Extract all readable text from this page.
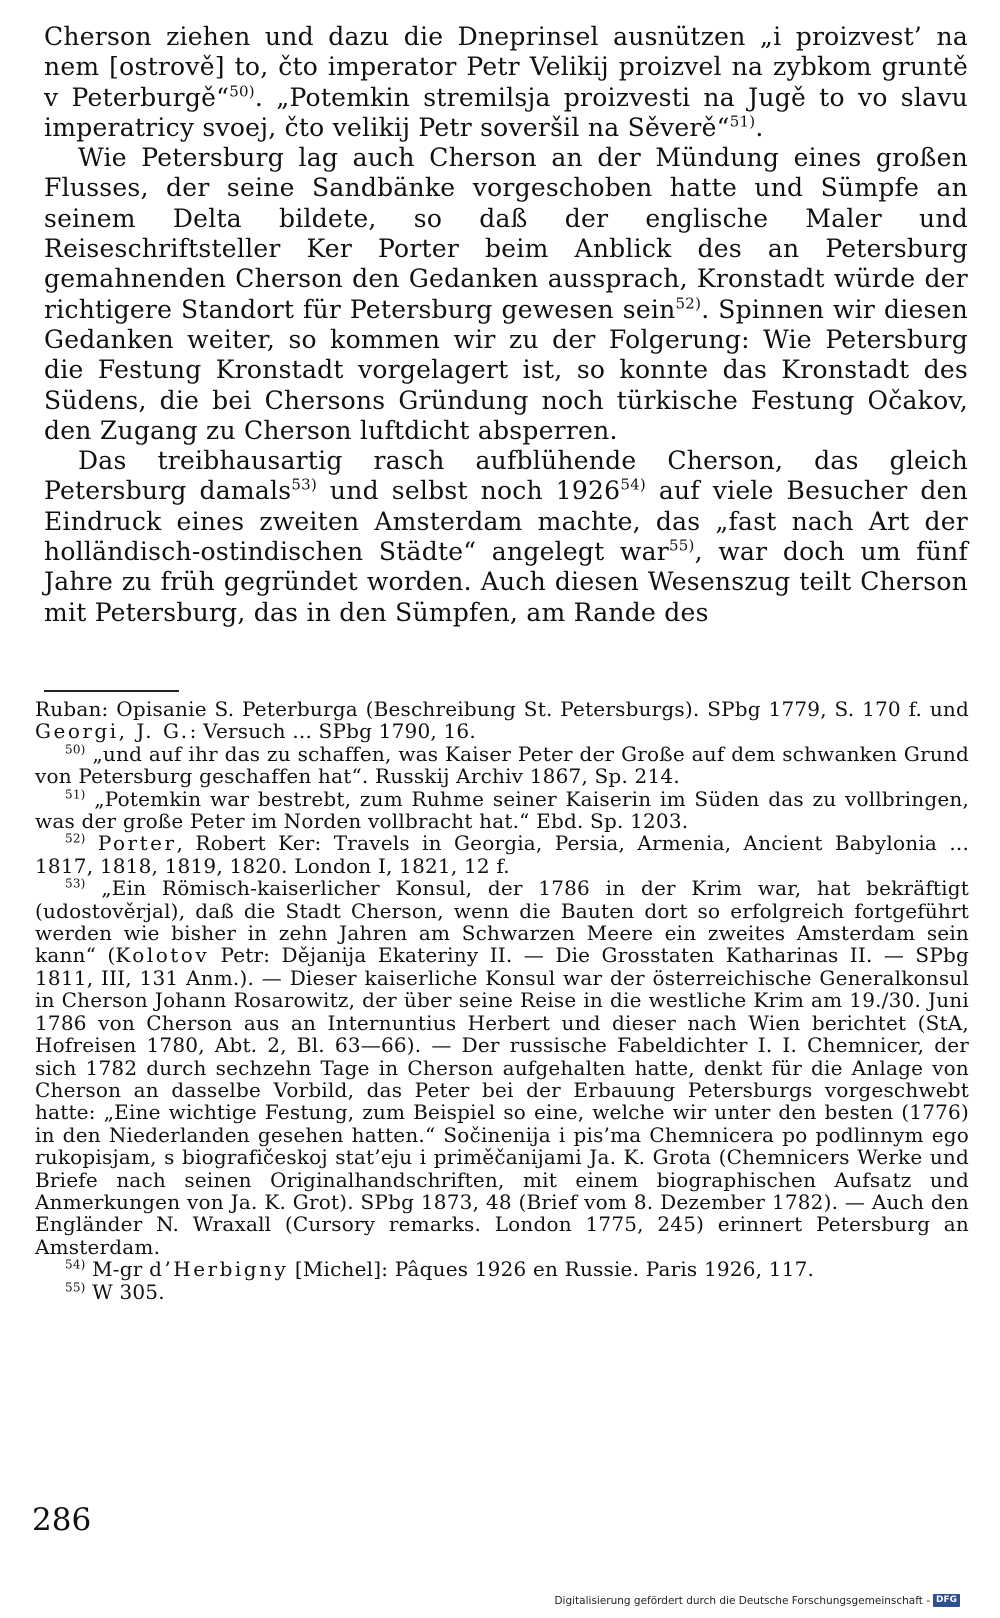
Cherson ziehen und dazu die Dneprinsel ausnützen „i proizvest’ na nem [ostrově] to, čto imperator Petr Velikij proizvel na zybkom gruntě v Peterburgě“$^{50)}$. „Potemkin stremilsja proizvesti na Jugě to vo slavu imperatricy svoej, čto velikij Petr soveršil na Sěverě“$^{51)}$.

Wie Petersburg lag auch Cherson an der Mündung eines großen Flusses, der seine Sandbänke vorgeschoben hatte und Sümpfe an seinem Delta bildete, so daß der englische Maler und Reiseschriftsteller Ker Porter beim Anblick des an Petersburg gemahnenden Cherson den Gedanken aussprach, Kronstadt würde der richtigere Standort für Petersburg gewesen sein$^{52)}$. Spinnen wir diesen Gedanken weiter, so kommen wir zu der Folgerung: Wie Petersburg die Festung Kronstadt vorgelagert ist, so konnte das Kronstadt des Südens, die bei Chersons Gründung noch türkische Festung Očakov, den Zugang zu Cherson luftdicht absperren.

Das treibhausartig rasch aufblühende Cherson, das gleich Petersburg damals$^{53)}$ und selbst noch 1926$^{54)}$ auf viele Besucher den Eindruck eines zweiten Amsterdam machte, das „fast nach Art der holländisch-ostindischen Städte“ angelegt war$^{55)}$, war doch um fünf Jahre zu früh gegründet worden. Auch diesen Wesenszug teilt Cherson mit Petersburg, das in den Sümpfen, am Rande des

Ruban: Opisanie S. Peterburga (Beschreibung St. Petersburgs). SPbg 1779, S. 170 f. und Georgi, J. G.: Versuch ... SPbg 1790, 16.

$^{50)}$ „und auf ihr das zu schaffen, was Kaiser Peter der Große auf dem schwanken Grund von Petersburg geschaffen hat“. Russkij Archiv 1867, Sp. 214.

$^{51)}$ „Potemkin war bestrebt, zum Ruhme seiner Kaiserin im Süden das zu vollbringen, was der große Peter im Norden vollbracht hat.“ Ebd. Sp. 1203.

$^{52)}$ Porter, Robert Ker: Travels in Georgia, Persia, Armenia, Ancient Babylonia ... 1817, 1818, 1819, 1820. London I, 1821, 12 f.

$^{53)}$ „Ein Römisch-kaiserlicher Konsul, der 1786 in der Krim war, hat bekräftigt (udostověrjal), daß die Stadt Cherson, wenn die Bauten dort so erfolgreich fortgeführt werden wie bisher in zehn Jahren am Schwarzen Meere ein zweites Amsterdam sein kann“ (Kolotov Petr: Dějanija Ekateriny II. — Die Grosstaten Katharinas II. — SPbg 1811, III, 131 Anm.). — Dieser kaiserliche Konsul war der österreichische Generalkonsul in Cherson Johann Rosarowitz, der über seine Reise in die westliche Krim am 19./30. Juni 1786 von Cherson aus an Internuntius Herbert und dieser nach Wien berichtet (StA, Hofreisen 1780, Abt. 2, Bl. 63—66). — Der russische Fabeldichter I. I. Chemnicer, der sich 1782 durch sechzehn Tage in Cherson aufgehalten hatte, denkt für die Anlage von Cherson an dasselbe Vorbild, das Peter bei der Erbauung Petersburgs vorgeschwebt hatte: „Eine wichtige Festung, zum Beispiel so eine, welche wir unter den besten (1776) in den Niederlanden gesehen hatten.“ Sočinenija i pis’ma Chemnicera po podlinnym ego rukopisjam, s biografičeskoj stat’eju i priměčanijami Ja. K. Grota (Chemnicers Werke und Briefe nach seinen Originalhandschriften, mit einem biographischen Aufsatz und Anmerkungen von Ja. K. Grot). SPbg 1873, 48 (Brief vom 8. Dezember 1782). — Auch den Engländer N. Wraxall (Cursory remarks. London 1775, 245) erinnert Petersburg an Amsterdam.

$^{54)}$ M-gr d’Herbigny [Michel]: Pâques 1926 en Russie. Paris 1926, 117.

$^{55)}$ W 305.

286
Digitalisierung gefördert durch die Deutsche Forschungsgemeinschaft - DFG
